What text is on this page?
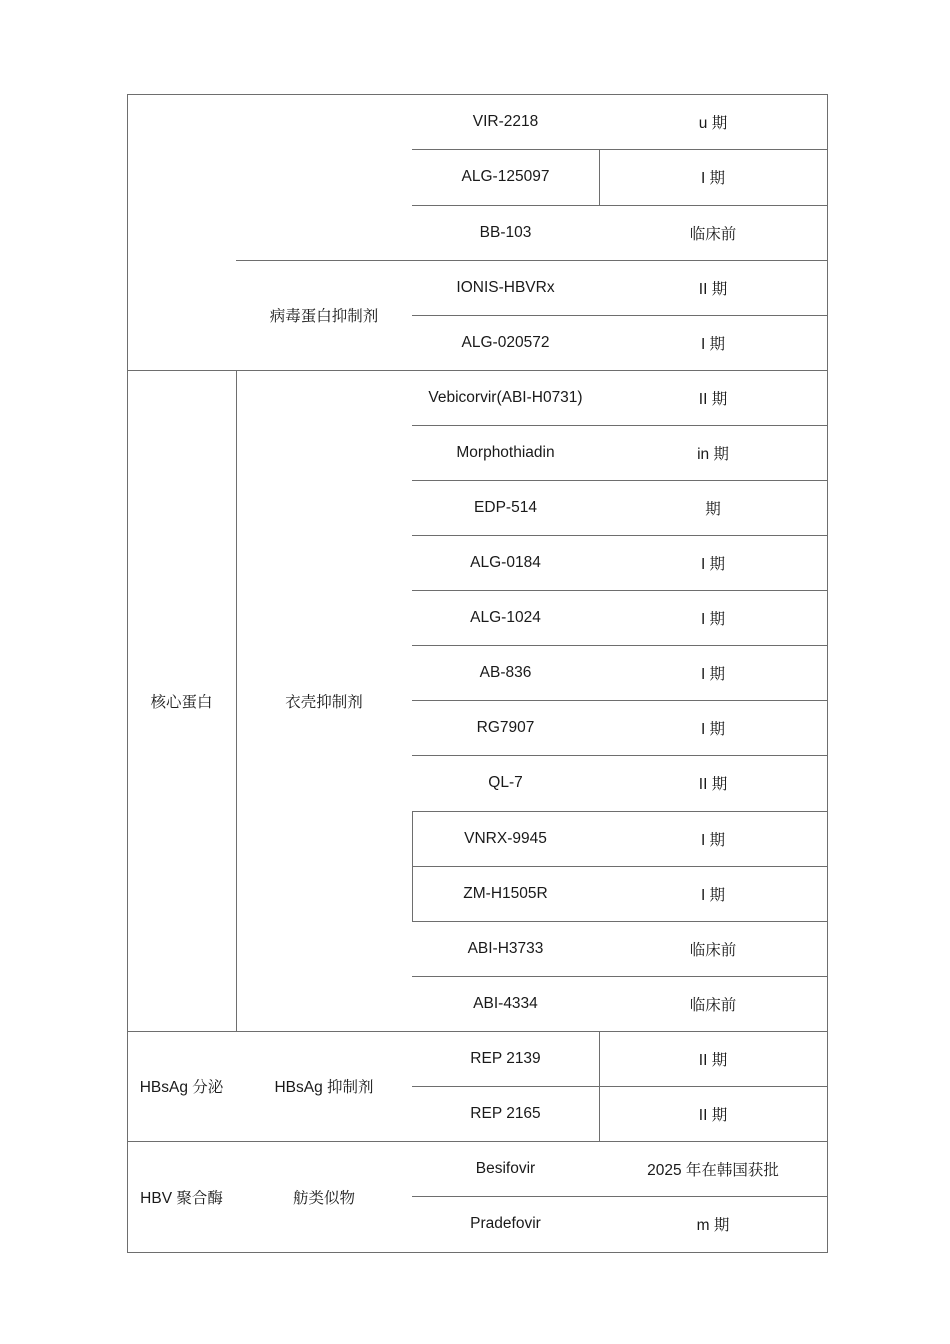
病毒蛋白抑制剂
VIR-2218	u 期
ALG-125097	I 期
BB-103	临床前
IONIS-HBVRx	II 期
ALG-020572	I 期
核心蛋白	衣壳抑制剂
Vebicorvir(ABI-H0731)	II 期
Morphothiadin	in 期
EDP-514	期
ALG-0184	I 期
ALG-1024	I 期
AB-836	I 期
RG7907	I 期
QL-7	II 期
VNRX-9945	I 期
ZM-H1505R	I 期
ABI-H3733	临床前
ABI-4334	临床前
HBsAg 分泌	HBsAg 抑制剂
REP 2139	II 期
REP 2165	II 期
HBV 聚合酶	舫类似物
Besifovir	2025 年在韩国获批
Pradefovir	m 期
